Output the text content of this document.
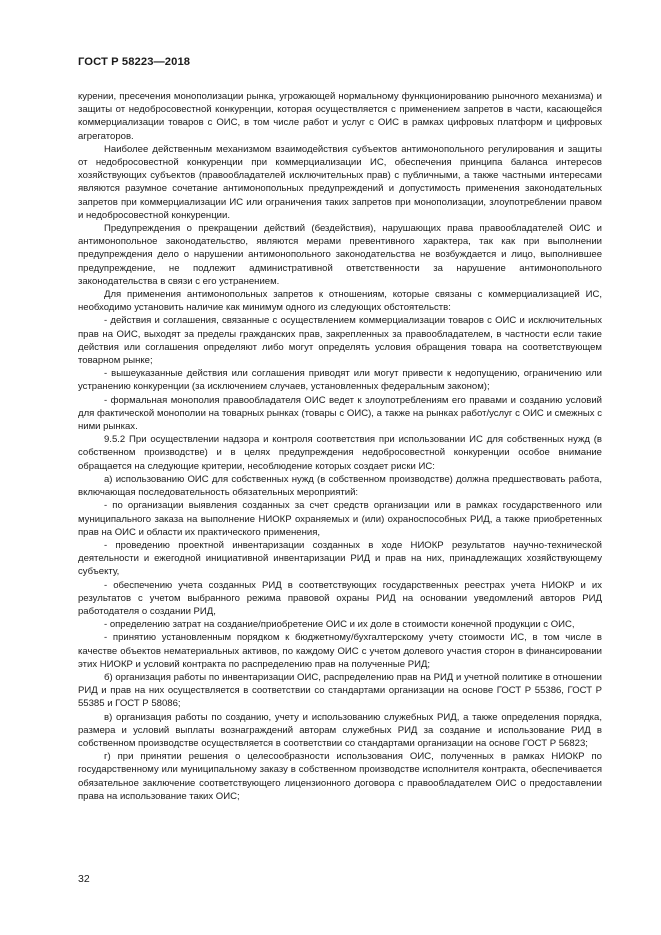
ГОСТ Р 58223—2018

курении, пресечения монополизации рынка, угрожающей нормальному функционированию рыночного механизма) и защиты от недобросовестной конкуренции, которая осуществляется с применением запретов в части, касающейся коммерциализации товаров с ОИС, в том числе работ и услуг с ОИС в рамках цифровых платформ и цифровых агрегаторов.

Наиболее действенным механизмом взаимодействия субъектов антимонопольного регулирования и защиты от недобросовестной конкуренции при коммерциализации ИС, обеспечения принципа баланса интересов хозяйствующих субъектов (правообладателей исключительных прав) с публичными, а также частными интересами являются разумное сочетание антимонопольных предупреждений и допустимость применения законодательных запретов при коммерциализации ИС или ограничения таких запретов при монополизации, злоупотреблении правом и недобросовестной конкуренции.

Предупреждения о прекращении действий (бездействия), нарушающих права правообладателей ОИС и антимонопольное законодательство, являются мерами превентивного характера, так как при выполнении предупреждения дело о нарушении антимонопольного законодательства не возбуждается и лицо, выполнившее предупреждение, не подлежит административной ответственности за нарушение антимонопольного законодательства в связи с его устранением.

Для применения антимонопольных запретов к отношениям, которые связаны с коммерциализацией ИС, необходимо установить наличие как минимум одного из следующих обстоятельств:

- действия и соглашения, связанные с осуществлением коммерциализации товаров с ОИС и исключительных прав на ОИС, выходят за пределы гражданских прав, закрепленных за правообладателем, в частности если такие действия или соглашения определяют либо могут определять условия обращения товара на соответствующем товарном рынке;

- вышеуказанные действия или соглашения приводят или могут привести к недопущению, ограничению или устранению конкуренции (за исключением случаев, установленных федеральным законом);

- формальная монополия правообладателя ОИС ведет к злоупотреблениям его правами и созданию условий для фактической монополии на товарных рынках (товары с ОИС), а также на рынках работ/услуг с ОИС и смежных с ними рынках.

9.5.2 При осуществлении надзора и контроля соответствия при использовании ИС для собственных нужд (в собственном производстве) и в целях предупреждения недобросовестной конкуренции особое внимание обращается на следующие критерии, несоблюдение которых создает риски ИС:

а) использованию ОИС для собственных нужд (в собственном производстве) должна предшествовать работа, включающая последовательность обязательных мероприятий:

- по организации выявления созданных за счет средств организации или в рамках государственного или муниципального заказа на выполнение НИОКР охраняемых и (или) охраноспособных РИД, а также приобретенных прав на ОИС и области их практического применения,

- проведению проектной инвентаризации созданных в ходе НИОКР результатов научно-технической деятельности и ежегодной инициативной инвентаризации РИД и прав на них, принадлежащих хозяйствующему субъекту,

- обеспечению учета созданных РИД в соответствующих государственных реестрах учета НИОКР и их результатов с учетом выбранного режима правовой охраны РИД на основании уведомлений авторов РИД работодателя о создании РИД,

- определению затрат на создание/приобретение ОИС и их доле в стоимости конечной продукции с ОИС,

- принятию установленным порядком к бюджетному/бухгалтерскому учету стоимости ИС, в том числе в качестве объектов нематериальных активов, по каждому ОИС с учетом долевого участия сторон в финансировании этих НИОКР и условий контракта по распределению прав на полученные РИД;

б) организация работы по инвентаризации ОИС, распределению прав на РИД и учетной политике в отношении РИД и прав на них осуществляется в соответствии со стандартами организации на основе ГОСТ Р 55386, ГОСТ Р 55385 и ГОСТ Р 58086;

в) организация работы по созданию, учету и использованию служебных РИД, а также определения порядка, размера и условий выплаты вознаграждений авторам служебных РИД за создание и использование РИД в собственном производстве осуществляется в соответствии со стандартами организации на основе ГОСТ Р 56823;

г) при принятии решения о целесообразности использования ОИС, полученных в рамках НИОКР по государственному или муниципальному заказу в собственном производстве исполнителя контракта, обеспечивается обязательное заключение соответствующего лицензионного договора с правообладателем ОИС о предоставлении права на использование таких ОИС;

32
